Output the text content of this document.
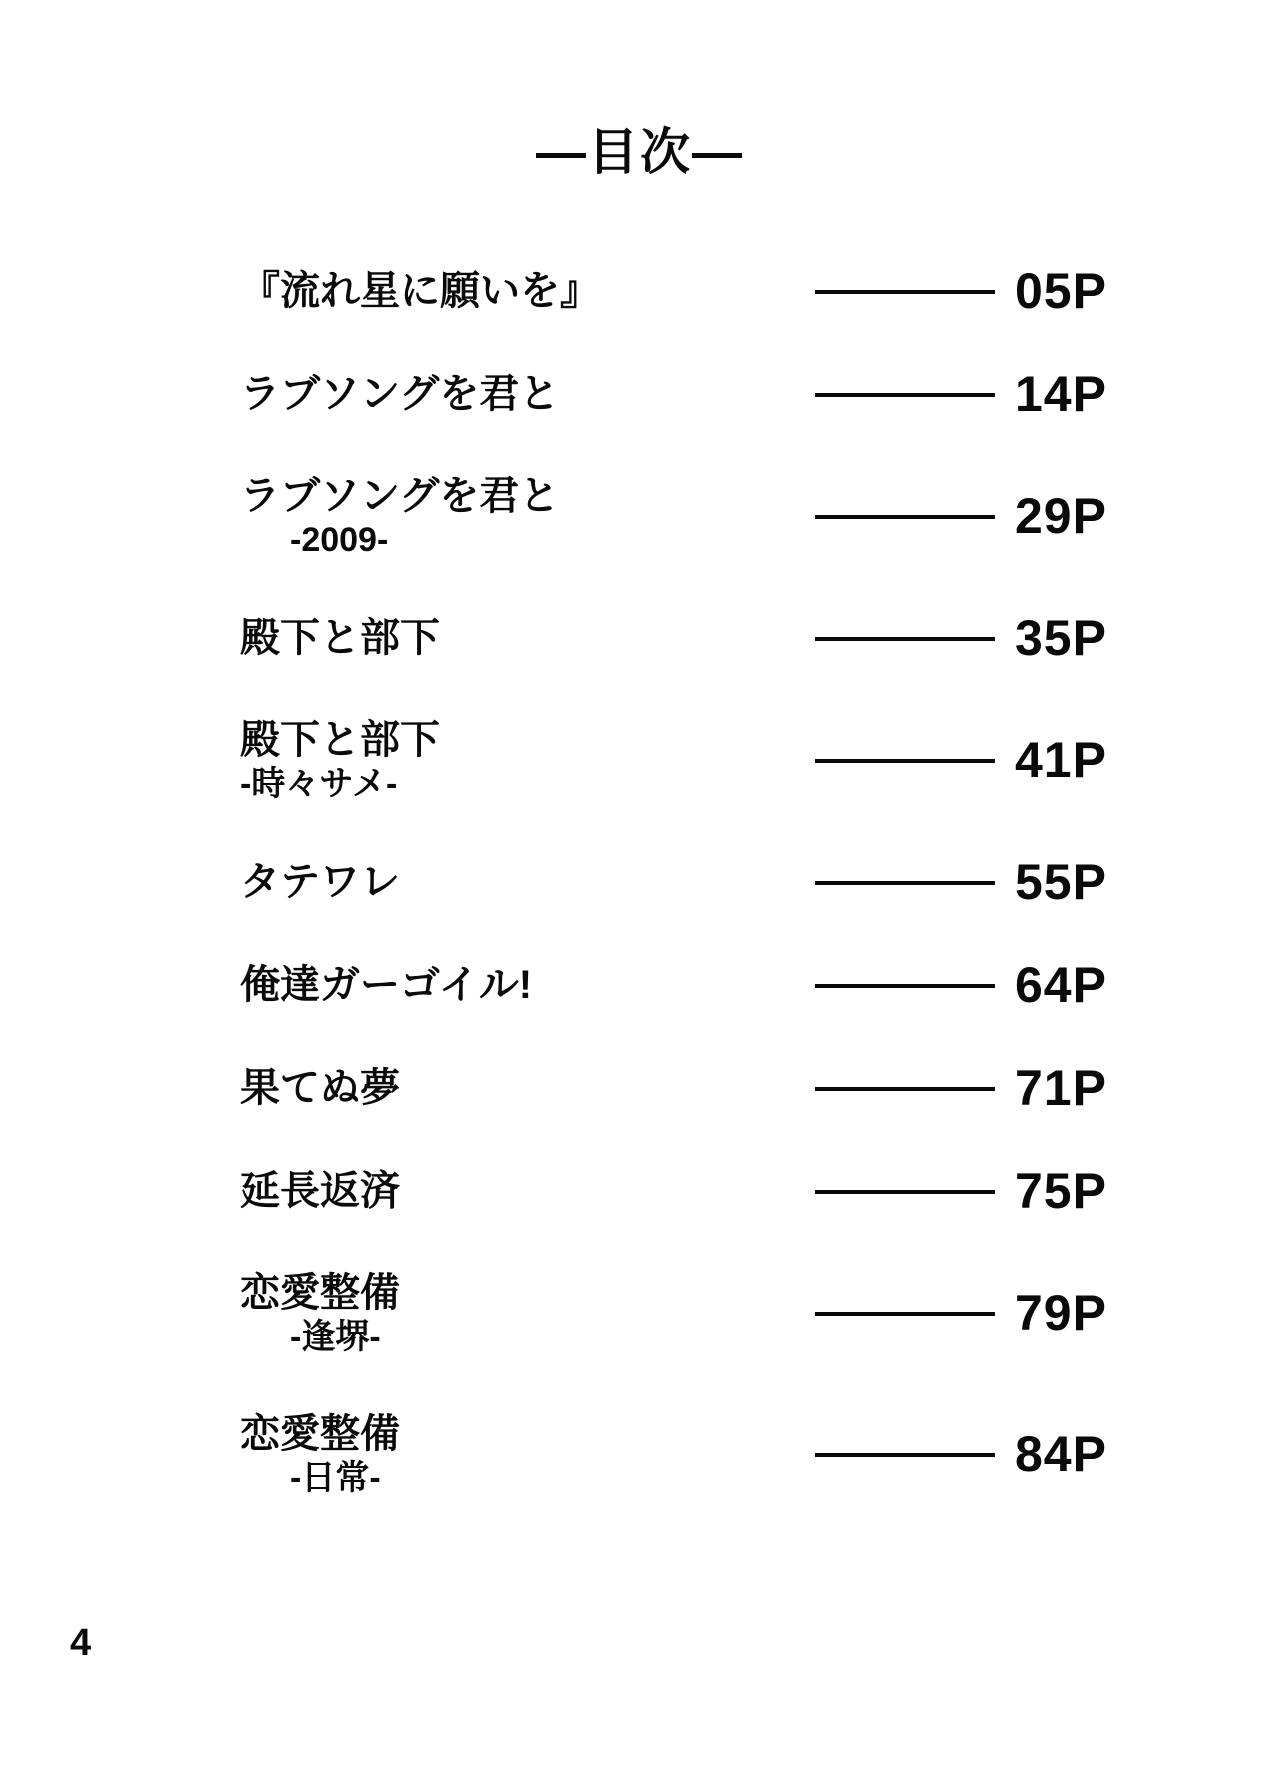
―目次―
『流れ星に願いを』	05P
ラブソングを君と	14P
ラブソングを君と
-2009-	29P
殿下と部下	35P
殿下と部下
-時々サメ-	41P
タテワレ	55P
俺達ガーゴイル!	64P
果てぬ夢	71P
延長返済	75P
恋愛整備
-逢堺-	79P
恋愛整備
-日常-	84P
4
